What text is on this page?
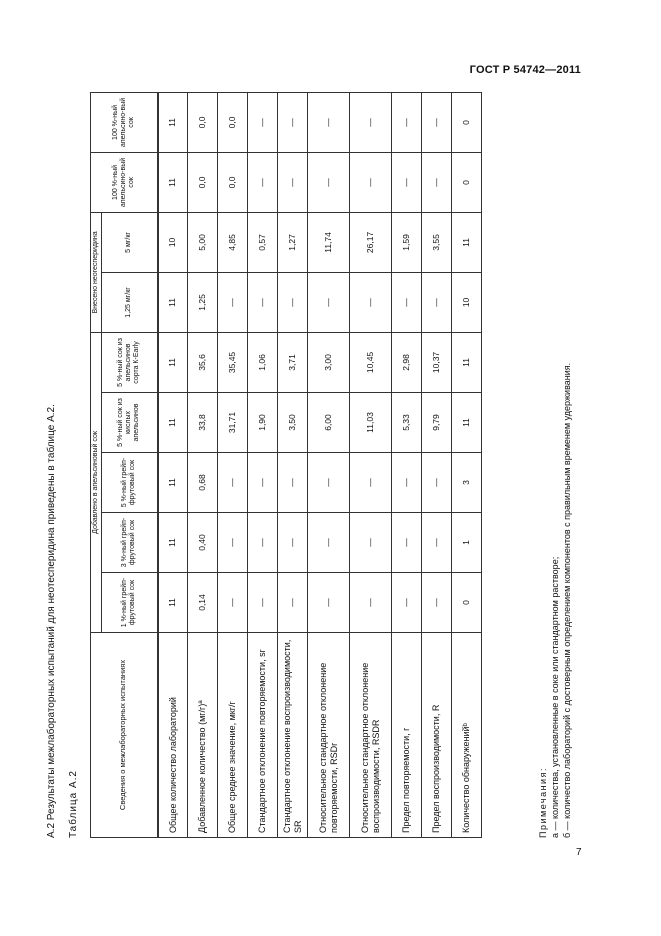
ГОСТ Р 54742—2011
А.2 Результаты межлабораторных испытаний для неотесперидина приведены в таблице А.2. Таблица А.2	Сведения о межлабораторных испытаниях	Добавлено в апельсиновый сок					Внесено неогесперидина		100 %-ный апельсино-вый сок	100 %-ный апельсино-вый сок
	1 %-ный грейп-фрутовый сок	3 %-ный грейп-фрутовый сок	5 %-ный грейп-фрутовый сок	5 %-ный сок из кислых апельсинов	5 %-ный сок из апельсинов сорта К-Early	1,25 мг/кг	5 мг/кг		
Общее количество лабораторий	11	11	11	11	11	11	10	11	11
Добавленное количество (мг/г)ª	0,14	0,40	0,68	33,8	35,6	1,25	5,00	0,0	0,0
Общее среднее значение, мкг/г	—	—	—	31,71	35,45	—	4,85	0,0	0,0
Стандартное отклонение повторяемости, sr	—	—	—	1,90	1,06	—	0,57	—	—
Стандартное отклонение воспроизводимости, SR	—	—	—	3,50	3,71	—	1,27	—	—
Относительное стандартное отклонение повторяемости, RSDr	—	—	—	6,00	3,00	—	11,74	—	—
Относительное стандартное отклонение воспроизводимости, RSDR	—	—	—	11,03	10,45	—	26,17	—	—
Предел повторяемости, r	—	—	—	5,33	2,98	—	1,59	—	—
Предел воспроизводимости, R	—	—	—	9,79	10,37	—	3,55	—	—
Количество обнаруженийᵇ	0	1	3	11	11	10	11	0	0
Примечания: а — количества, установленные в соке или стандартном растворе; б — количество лабораторий с достоверным определением компонентов с правильным временем удерживания.
7
